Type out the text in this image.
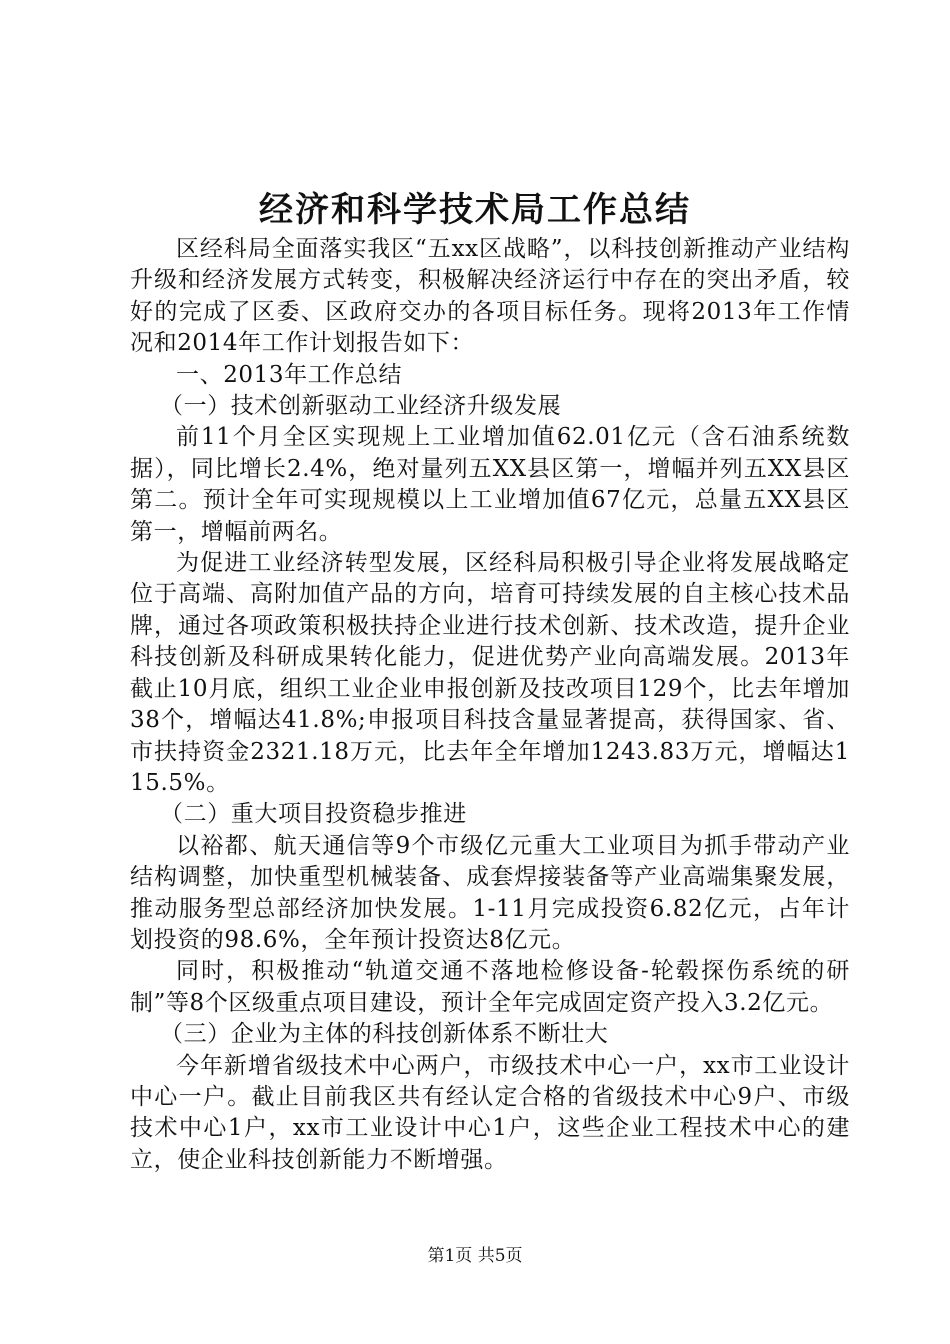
经济和科学技术局工作总结

区经科局全面落实我区“五xx区战略”，以科技创新推动产业结构升级和经济发展方式转变，积极解决经济运行中存在的突出矛盾，较好的完成了区委、区政府交办的各项目标任务。现将2013年工作情况和2014年工作计划报告如下：

一、2013年工作总结

（一）技术创新驱动工业经济升级发展

前11个月全区实现规上工业增加值62.01亿元（含石油系统数据），同比增长2.4%，绝对量列五XX县区第一，增幅并列五XX县区第二。预计全年可实现规模以上工业增加值67亿元，总量五XX县区第一，增幅前两名。

为促进工业经济转型发展，区经科局积极引导企业将发展战略定位于高端、高附加值产品的方向，培育可持续发展的自主核心技术品牌，通过各项政策积极扶持企业进行技术创新、技术改造，提升企业科技创新及科研成果转化能力，促进优势产业向高端发展。2013年截止10月底，组织工业企业申报创新及技改项目129个，比去年增加38个，增幅达41.8%;申报项目科技含量显著提高，获得国家、省、市扶持资金2321.18万元，比去年全年增加1243.83万元，增幅达115.5%。

（二）重大项目投资稳步推进

以裕都、航天通信等9个市级亿元重大工业项目为抓手带动产业结构调整，加快重型机械装备、成套焊接装备等产业高端集聚发展，推动服务型总部经济加快发展。1-11月完成投资6.82亿元，占年计划投资的98.6%，全年预计投资达8亿元。

同时，积极推动“轨道交通不落地检修设备-轮毂探伤系统的研制”等8个区级重点项目建设，预计全年完成固定资产投入3.2亿元。

（三）企业为主体的科技创新体系不断壮大

今年新增省级技术中心两户，市级技术中心一户，xx市工业设计中心一户。截止目前我区共有经认定合格的省级技术中心9户、市级技术中心1户，xx市工业设计中心1户，这些企业工程技术中心的建立，使企业科技创新能力不断增强。

第1页 共5页
